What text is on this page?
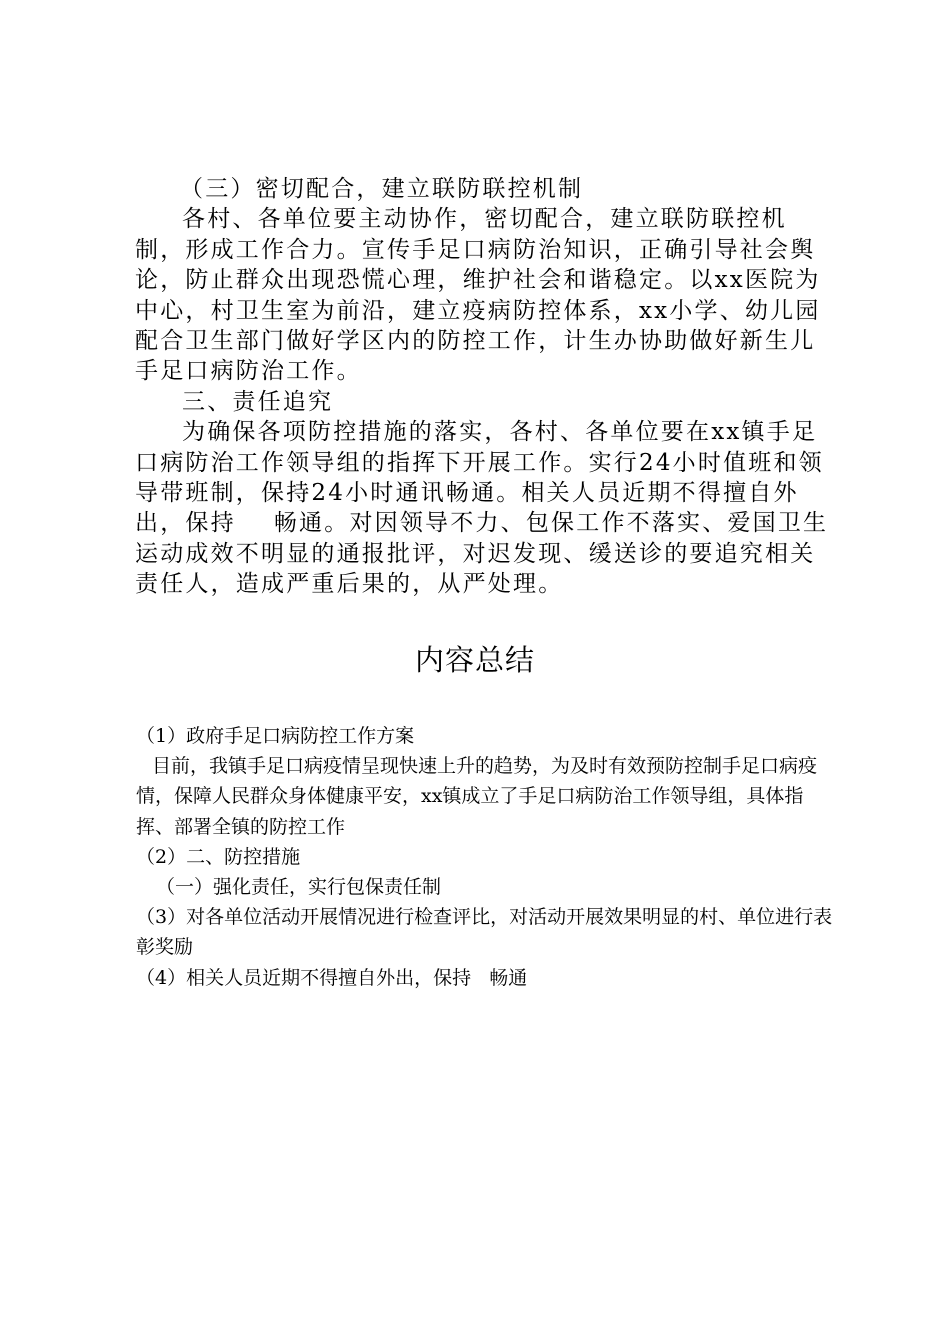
（三）密切配合，建立联防联控机制

各村、各单位要主动协作，密切配合，建立联防联控机制，形成工作合力。宣传手足口病防治知识，正确引导社会舆论，防止群众出现恐慌心理，维护社会和谐稳定。以xx医院为中心，村卫生室为前沿，建立疫病防控体系，xx小学、幼儿园配合卫生部门做好学区内的防控工作，计生办协助做好新生儿手足口病防治工作。

三、责任追究

为确保各项防控措施的落实，各村、各单位要在xx镇手足口病防治工作领导组的指挥下开展工作。实行24小时值班和领导带班制，保持24小时通讯畅通。相关人员近期不得擅自外出，保持    畅通。对因领导不力、包保工作不落实、爱国卫生运动成效不明显的通报批评，对迟发现、缓送诊的要追究相关责任人，造成严重后果的，从严处理。

内容总结

（1）政府手足口病防控工作方案

目前，我镇手足口病疫情呈现快速上升的趋势，为及时有效预防控制手足口病疫情，保障人民群众身体健康平安，xx镇成立了手足口病防治工作领导组，具体指挥、部署全镇的防控工作

（2）二、防控措施

（一）强化责任，实行包保责任制

（3）对各单位活动开展情况进行检查评比，对活动开展效果明显的村、单位进行表彰奖励

（4）相关人员近期不得擅自外出，保持   畅通
